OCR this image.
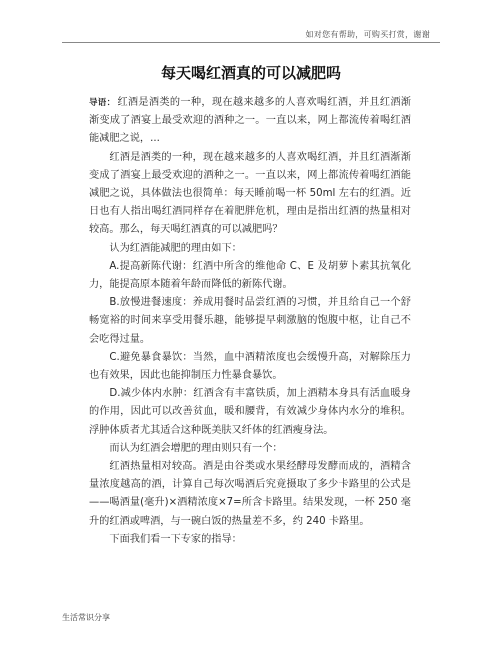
如对您有帮助，可购买打赏，谢谢
每天喝红酒真的可以减肥吗

导语： 红酒是酒类的一种，现在越来越多的人喜欢喝红酒，并且红酒渐渐变成了酒宴上最受欢迎的酒种之一。一直以来，网上都流传着喝红酒能减肥之说，...

红酒是酒类的一种，现在越来越多的人喜欢喝红酒，并且红酒渐渐变成了酒宴上最受欢迎的酒种之一。一直以来，网上都流传着喝红酒能减肥之说，具体做法也很简单：每天睡前喝一杯 50ml 左右的红酒。近日也有人指出喝红酒同样存在着肥胖危机，理由是指出红酒的热量相对较高。那么，每天喝红酒真的可以减肥吗？

认为红酒能减肥的理由如下：

A.提高新陈代谢：红酒中所含的维他命 C、E 及胡萝卜素其抗氧化力，能提高原本随着年龄而降低的新陈代谢。

B.放慢进餐速度：养成用餐时品尝红酒的习惯，并且给自己一个舒畅宽裕的时间来享受用餐乐趣，能够提早刺激脑的饱腹中枢，让自己不会吃得过量。

C.避免暴食暴饮：当然，血中酒精浓度也会缓慢升高，对解除压力也有效果，因此也能抑制压力性暴食暴饮。

D.减少体内水肿：红酒含有丰富铁质，加上酒精本身具有活血暖身的作用，因此可以改善贫血，暖和腰背，有效减少身体内水分的堆积。浮肿体质者尤其适合这种既美肤又纤体的红酒瘦身法。

而认为红酒会增肥的理由则只有一个：

红酒热量相对较高。酒是由谷类或水果经酵母发酵而成的，酒精含量浓度越高的酒，计算自己每次喝酒后究竟摄取了多少卡路里的公式是——喝酒量(毫升)×酒精浓度×7=所含卡路里。结果发现，一杯 250 毫升的红酒或啤酒，与一碗白饭的热量差不多，约 240 卡路里。

下面我们看一下专家的指导：

生活常识分享
